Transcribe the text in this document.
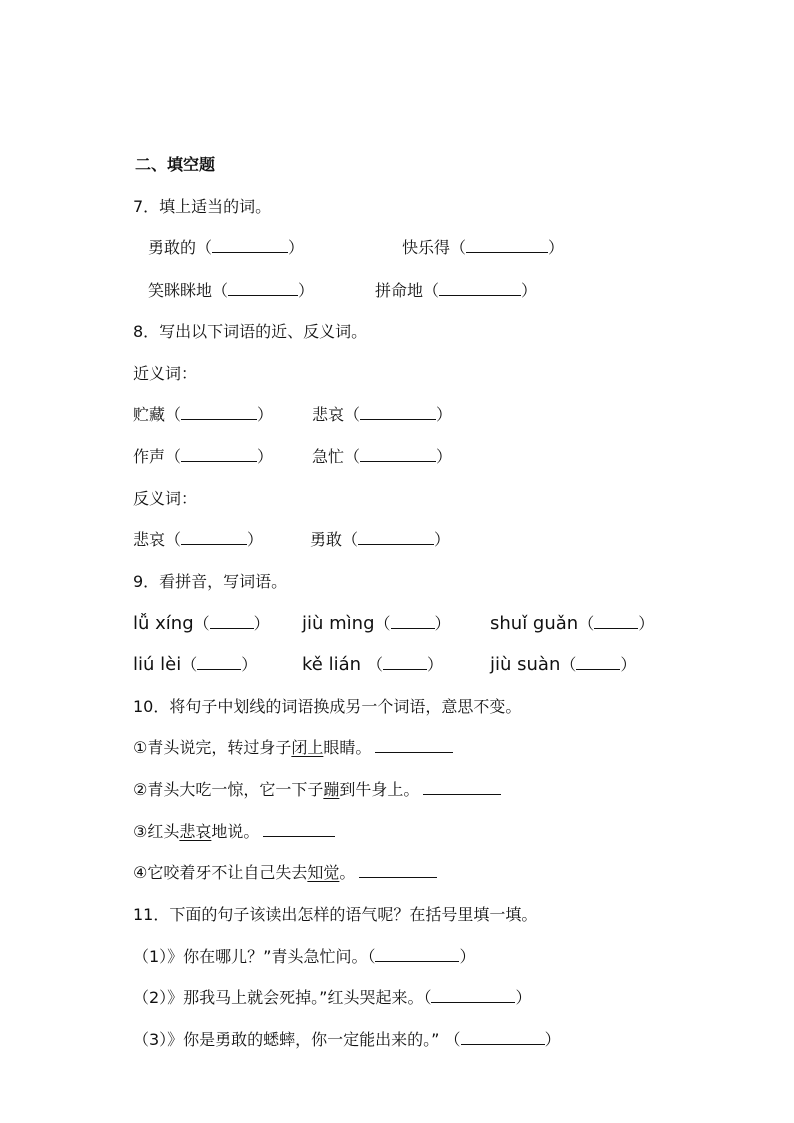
二、填空题
7．填上适当的词。
勇敢的（	）	快乐得（	）
笑眯眯地（	）	拼命地（	）
8．写出以下词语的近、反义词。
近义词：
贮藏（	） 悲哀（	）
作声（	） 急忙（	）
反义词：
悲哀（	）	勇敢（	）
9．看拼音，写词语。
lǚ xíng（	） jiù mìng（	） shuǐ guǎn（	）
liú lèi（	） kě lián （	）	jiù suàn（	）
10．将句子中划线的词语换成另一个词语，意思不变。
①青头说完，转过身子闭上眼睛。
②青头大吃一惊，它一下子蹦到牛身上。
③红头悲哀地说。
④它咬着牙不让自己失去知觉。
11．下面的句子该读出怎样的语气呢？在括号里填一填。
（1）》你在哪儿？”青头急忙问。（	）
（2）》那我马上就会死掉。”红头哭起来。（	）
（3）》你是勇敢的蟋蟀，你一定能出来的。” （	）
